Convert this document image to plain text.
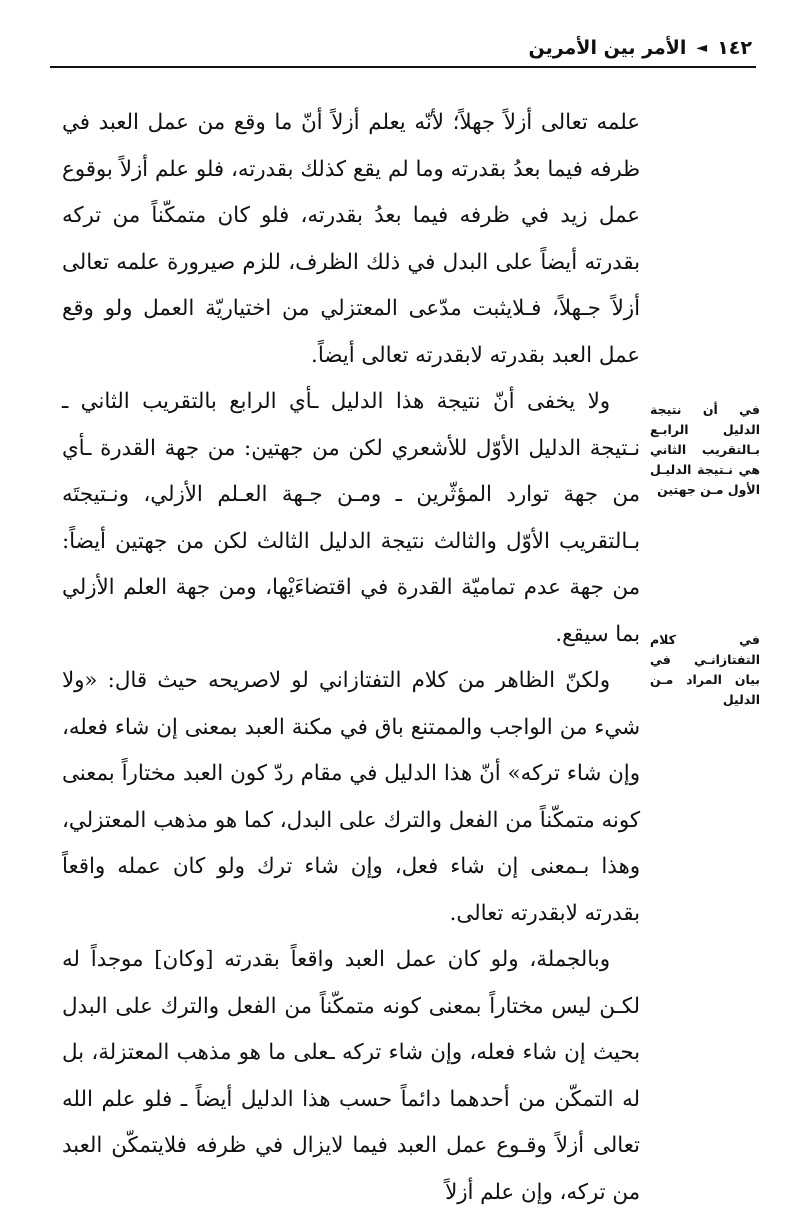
١٤٢
◄
الأمر بين الأمرين

علمه تعالى أزلاً جهلاً؛ لأنّه يعلم أزلاً أنّ ما وقع من عمل العبد في ظرفه فيما بعدُ بقدرته وما لم يقع كذلك بقدرته، فلو علم أزلاً بوقوع عمل زيد في ظرفه فيما بعدُ بقدرته، فلو كان متمكّناً من تركه بقدرته أيضاً على البدل في ذلك الظرف، للزم صيرورة علمه تعالى أزلاً جـهلاً، فـلايثبت مدّعى المعتزلي من اختياريّة العمل ولو وقع عمل العبد بقدرته لابقدرته تعالى أيضاً.

ولا يخفى أنّ نتيجة هذا الدليل ـأي الرابع بالتقريب الثاني ـ نـتيجة الدليل الأوّل للأشعري لكن من جهتين: من جهة القدرة ـأي من جهة توارد المؤثّرين ـ ومـن جـهة العـلم الأزلي، ونـتيجتَه بـالتقريب الأوّل والثالث نتيجة الدليل الثالث لكن من جهتين أيضاً: من جهة عدم تماميّة القدرة في اقتضاءَيْها، ومن جهة العلم الأزلي بما سيقع.

ولكنّ الظاهر من كلام التفتازاني لو لاصريحه حيث قال: «ولا شيء من الواجب والممتنع باق في مكنة العبد بمعنى إن شاء فعله، وإن شاء تركه» أنّ هذا الدليل في مقام ردّ كون العبد مختاراً بمعنى كونه متمكّناً من الفعل والترك على البدل، كما هو مذهب المعتزلي، وهذا بـمعنى إن شاء فعل، وإن شاء ترك ولو كان عمله واقعاً بقدرته لابقدرته تعالى.

وبالجملة، ولو كان عمل العبد واقعاً بقدرته [وكان] موجداً له لكـن ليس مختاراً بمعنى كونه متمكّناً من الفعل والترك على البدل بحيث إن شاء فعله، وإن شاء تركه ـعلى ما هو مذهب المعتزلة، بل له التمكّن من أحدهما دائماً حسب هذا الدليل أيضاً ـ فلو علم الله تعالى أزلاً وقـوع عمل العبد فيما لايزال في ظرفه فلايتمكّن العبد من تركه، وإن علم أزلاً

في أن نتيجة الدليل الرابـع بـالتقريب الثاني هي نـتيجة الدليـل الأول مـن جهتين
في كلام التفتازانـي في بيان المراد مـن الدليل
